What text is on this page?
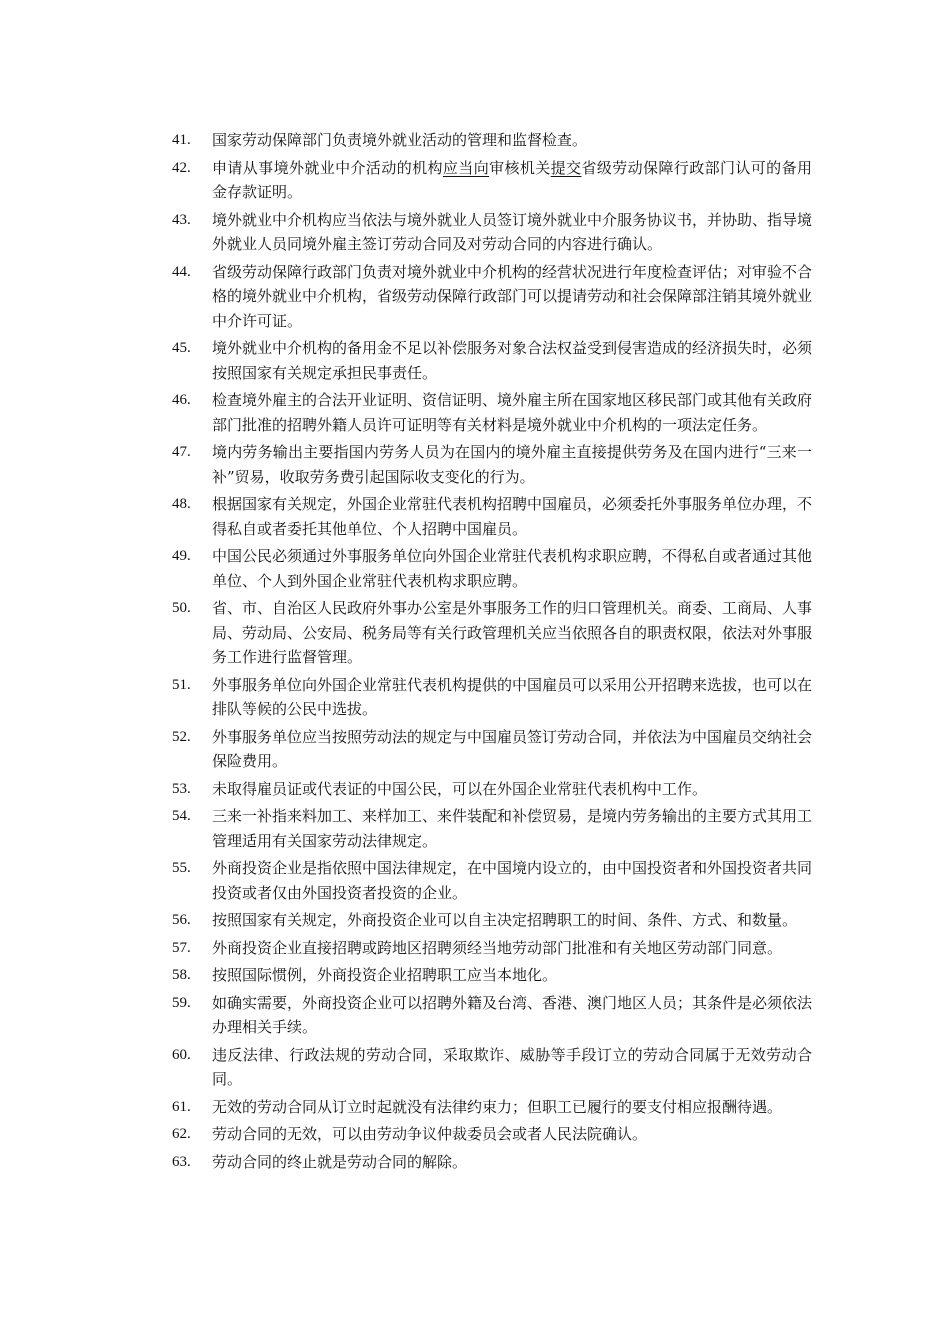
41.	国家劳动保障部门负责境外就业活动的管理和监督检查。
42.	申请从事境外就业中介活动的机构应当向审核机关提交省级劳动保障行政部门认可的备用金存款证明。
43.	境外就业中介机构应当依法与境外就业人员签订境外就业中介服务协议书，并协助、指导境外就业人员同境外雇主签订劳动合同及对劳动合同的内容进行确认。
44.	省级劳动保障行政部门负责对境外就业中介机构的经营状况进行年度检查评估；对审验不合格的境外就业中介机构，省级劳动保障行政部门可以提请劳动和社会保障部注销其境外就业中介许可证。
45.	境外就业中介机构的备用金不足以补偿服务对象合法权益受到侵害造成的经济损失时，必须按照国家有关规定承担民事责任。
46.	检查境外雇主的合法开业证明、资信证明、境外雇主所在国家地区移民部门或其他有关政府部门批准的招聘外籍人员许可证明等有关材料是境外就业中介机构的一项法定任务。
47.	境内劳务输出主要指国内劳务人员为在国内的境外雇主直接提供劳务及在国内进行“三来一补”贸易，收取劳务费引起国际收支变化的行为。
48.	根据国家有关规定，外国企业常驻代表机构招聘中国雇员，必须委托外事服务单位办理，不得私自或者委托其他单位、个人招聘中国雇员。
49.	中国公民必须通过外事服务单位向外国企业常驻代表机构求职应聘，不得私自或者通过其他单位、个人到外国企业常驻代表机构求职应聘。
50.	省、市、自治区人民政府外事办公室是外事服务工作的归口管理机关。商委、工商局、人事局、劳动局、公安局、税务局等有关行政管理机关应当依照各自的职责权限，依法对外事服务工作进行监督管理。
51.	外事服务单位向外国企业常驻代表机构提供的中国雇员可以采用公开招聘来选拔，也可以在排队等候的公民中选拔。
52.	外事服务单位应当按照劳动法的规定与中国雇员签订劳动合同，并依法为中国雇员交纳社会保险费用。
53.	未取得雇员证或代表证的中国公民，可以在外国企业常驻代表机构中工作。
54.	三来一补指来料加工、来样加工、来件装配和补偿贸易，是境内劳务输出的主要方式其用工管理适用有关国家劳动法律规定。
55.	外商投资企业是指依照中国法律规定，在中国境内设立的，由中国投资者和外国投资者共同投资或者仅由外国投资者投资的企业。
56.	按照国家有关规定，外商投资企业可以自主决定招聘职工的时间、条件、方式、和数量。
57.	外商投资企业直接招聘或跨地区招聘须经当地劳动部门批准和有关地区劳动部门同意。
58.	按照国际惯例，外商投资企业招聘职工应当本地化。
59.	如确实需要，外商投资企业可以招聘外籍及台湾、香港、澳门地区人员；其条件是必须依法办理相关手续。
60.	违反法律、行政法规的劳动合同，采取欺诈、威胁等手段订立的劳动合同属于无效劳动合同。
61.	无效的劳动合同从订立时起就没有法律约束力；但职工已履行的要支付相应报酬待遇。
62.	劳动合同的无效，可以由劳动争议仲裁委员会或者人民法院确认。
63.	劳动合同的终止就是劳动合同的解除。
